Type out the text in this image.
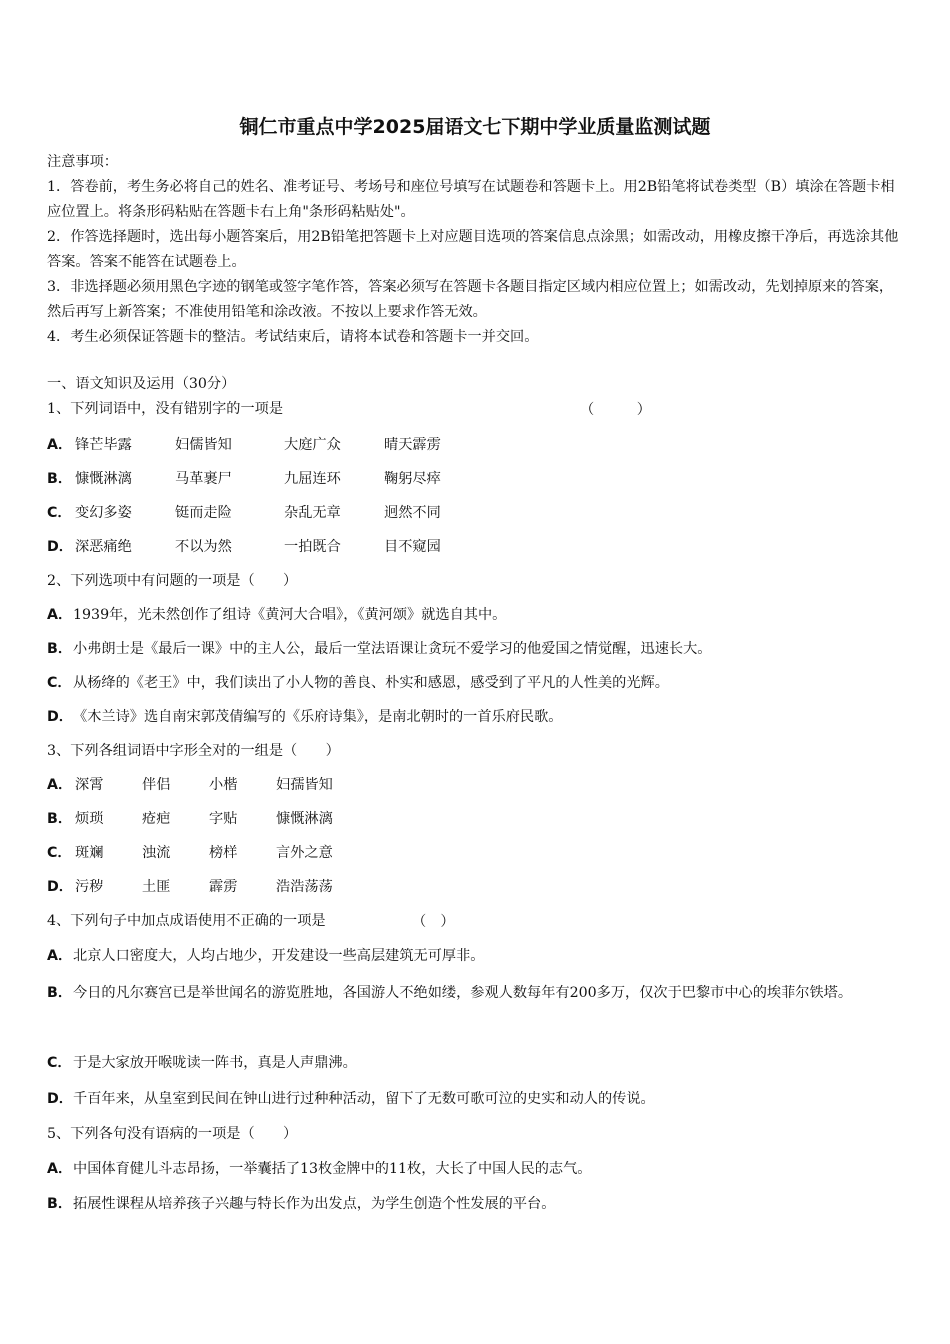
铜仁市重点中学2025届语文七下期中学业质量监测试题

注意事项：

1．答卷前，考生务必将自己的姓名、准考证号、考场号和座位号填写在试题卷和答题卡上。用2B铅笔将试卷类型（B）填涂在答题卡相应位置上。将条形码粘贴在答题卡右上角"条形码粘贴处"。

2．作答选择题时，选出每小题答案后，用2B铅笔把答题卡上对应题目选项的答案信息点涂黑；如需改动，用橡皮擦干净后，再选涂其他答案。答案不能答在试题卷上。

3．非选择题必须用黑色字迹的钢笔或签字笔作答，答案必须写在答题卡各题目指定区域内相应位置上；如需改动，先划掉原来的答案，然后再写上新答案；不准使用铅笔和涂改液。不按以上要求作答无效。

4．考生必须保证答题卡的整洁。考试结束后，请将本试卷和答题卡一并交回。

一、语文知识及运用（30分）
1、下列词语中，没有错别字的一项是	（　　　）
A． 锋芒毕露	妇儒皆知	大庭广众	晴天霹雳
B． 慷慨淋漓	马革裹尸	九屈连环	鞠躬尽瘁
C． 变幻多姿	铤而走险	杂乱无章	迥然不同
D． 深恶痛绝	不以为然	一拍既合	目不窥园
2、下列选项中有问题的一项是（　　）
A．1939年，光未然创作了组诗《黄河大合唱》，《黄河颂》就选自其中。
B．小弗朗士是《最后一课》中的主人公，最后一堂法语课让贪玩不爱学习的他爱国之情觉醒，迅速长大。
C．从杨绛的《老王》中，我们读出了小人物的善良、朴实和感恩，感受到了平凡的人性美的光辉。
D．《木兰诗》选自南宋郭茂倩编写的《乐府诗集》，是南北朝时的一首乐府民歌。
3、下列各组词语中字形全对的一组是（　　）
A． 深霄	伴侣	小楷	妇孺皆知
B． 烦琐	疮疤	字贴	慷慨淋漓
C． 斑斓	浊流	榜样	言外之意
D． 污秽	土匪	霹雳	浩浩荡荡
4、下列句子中加点成语使用不正确的一项是	（　）
A．北京人口密度大，人均占地少，开发建设一些高层建筑无可厚非。
B．今日的凡尔赛宫已是举世闻名的游览胜地，各国游人不绝如缕，参观人数每年有200多万，仅次于巴黎市中心的埃菲尔铁塔。
C．于是大家放开喉咙读一阵书，真是人声鼎沸。
D．千百年来，从皇室到民间在钟山进行过种种活动，留下了无数可歌可泣的史实和动人的传说。
5、下列各句没有语病的一项是（　　）
A．中国体育健儿斗志昂扬，一举囊括了13枚金牌中的11枚，大长了中国人民的志气。
B．拓展性课程从培养孩子兴趣与特长作为出发点，为学生创造个性发展的平台。
